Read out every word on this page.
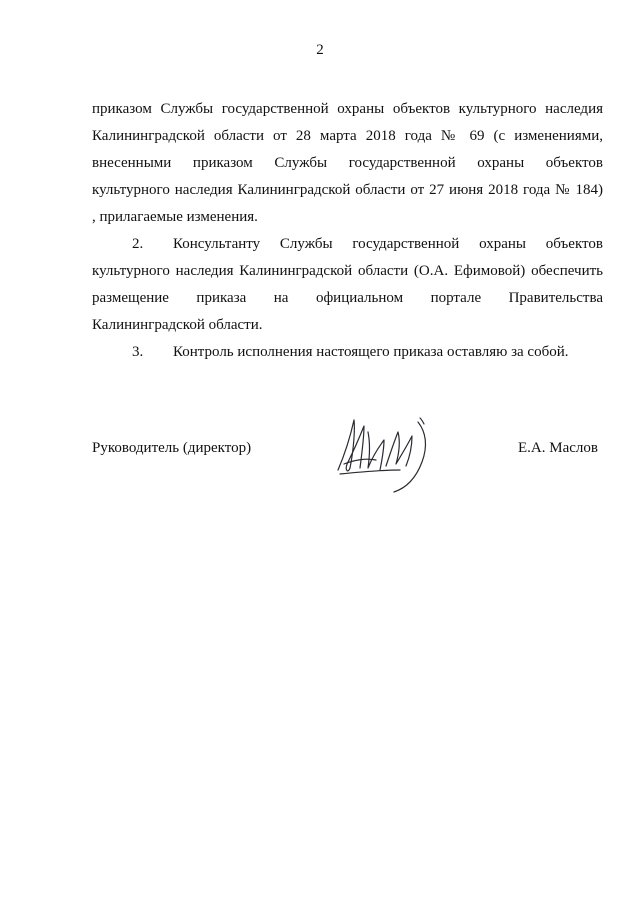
2
приказом Службы государственной охраны объектов культурного наследия
Калининградской области от 28 марта 2018 года № 69 (с изменениями,
внесенными приказом Службы государственной охраны объектов
культурного наследия Калининградской области от 27 июня 2018 года № 184)
, прилагаемые изменения.
2. Консультанту Службы государственной охраны объектов
культурного наследия Калининградской области (О.А. Ефимовой) обеспечить
размещение приказа на официальном портале Правительства
Калининградской области.
3. Контроль исполнения настоящего приказа оставляю за собой.
Руководитель (директор)	Е.А. Маслов
